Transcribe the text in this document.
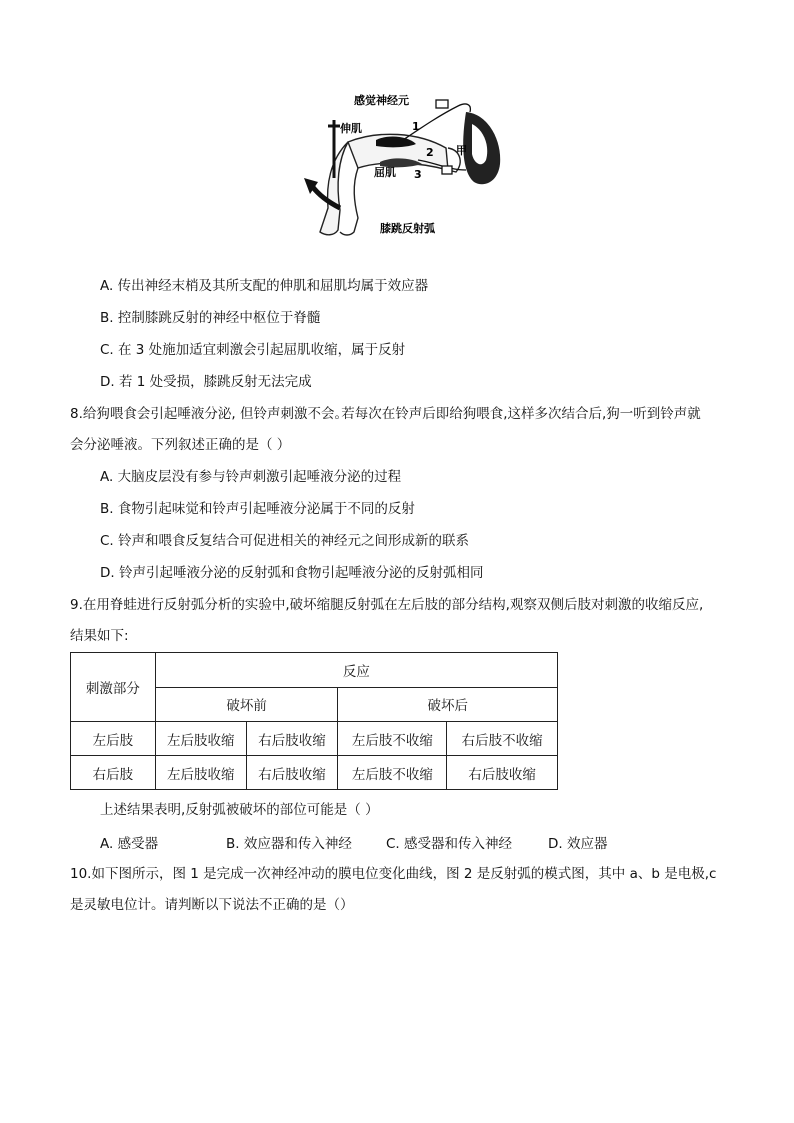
感觉神经元
伸肌
屈肌
甲
1
2
3
膝跳反射弧
A. 传出神经末梢及其所支配的伸肌和屈肌均属于效应器
B. 控制膝跳反射的神经中枢位于脊髓
C. 在 3 处施加适宜刺激会引起屈肌收缩，属于反射
D. 若 1 处受损，膝跳反射无法完成
8.给狗喂食会引起唾液分泌, 但铃声刺激不会｡若每次在铃声后即给狗喂食,这样多次结合后,狗一听到铃声就
会分泌唾液。下列叙述正确的是（ ）
A. 大脑皮层没有参与铃声刺激引起唾液分泌的过程
B. 食物引起味觉和铃声引起唾液分泌属于不同的反射
C. 铃声和喂食反复结合可促进相关的神经元之间形成新的联系
D. 铃声引起唾液分泌的反射弧和食物引起唾液分泌的反射弧相同
9.在用脊蛙进行反射弧分析的实验中,破坏缩腿反射弧在左后肢的部分结构,观察双侧后肢对刺激的收缩反应,
结果如下:
刺激部分	反应			
	破坏前		破坏后	
左后肢	左后肢收缩	右后肢收缩	左后肢不收缩	右后肢不收缩
右后肢	左后肢收缩	右后肢收缩	左后肢不收缩	右后肢收缩
上述结果表明,反射弧被破坏的部位可能是（ ）
A. 感受器	B. 效应器和传入神经	C. 感受器和传入神经	D. 效应器
10.如下图所示，图 1 是完成一次神经冲动的膜电位变化曲线，图 2 是反射弧的模式图，其中 a、b 是电极,c
是灵敏电位计。请判断以下说法不正确的是（）
